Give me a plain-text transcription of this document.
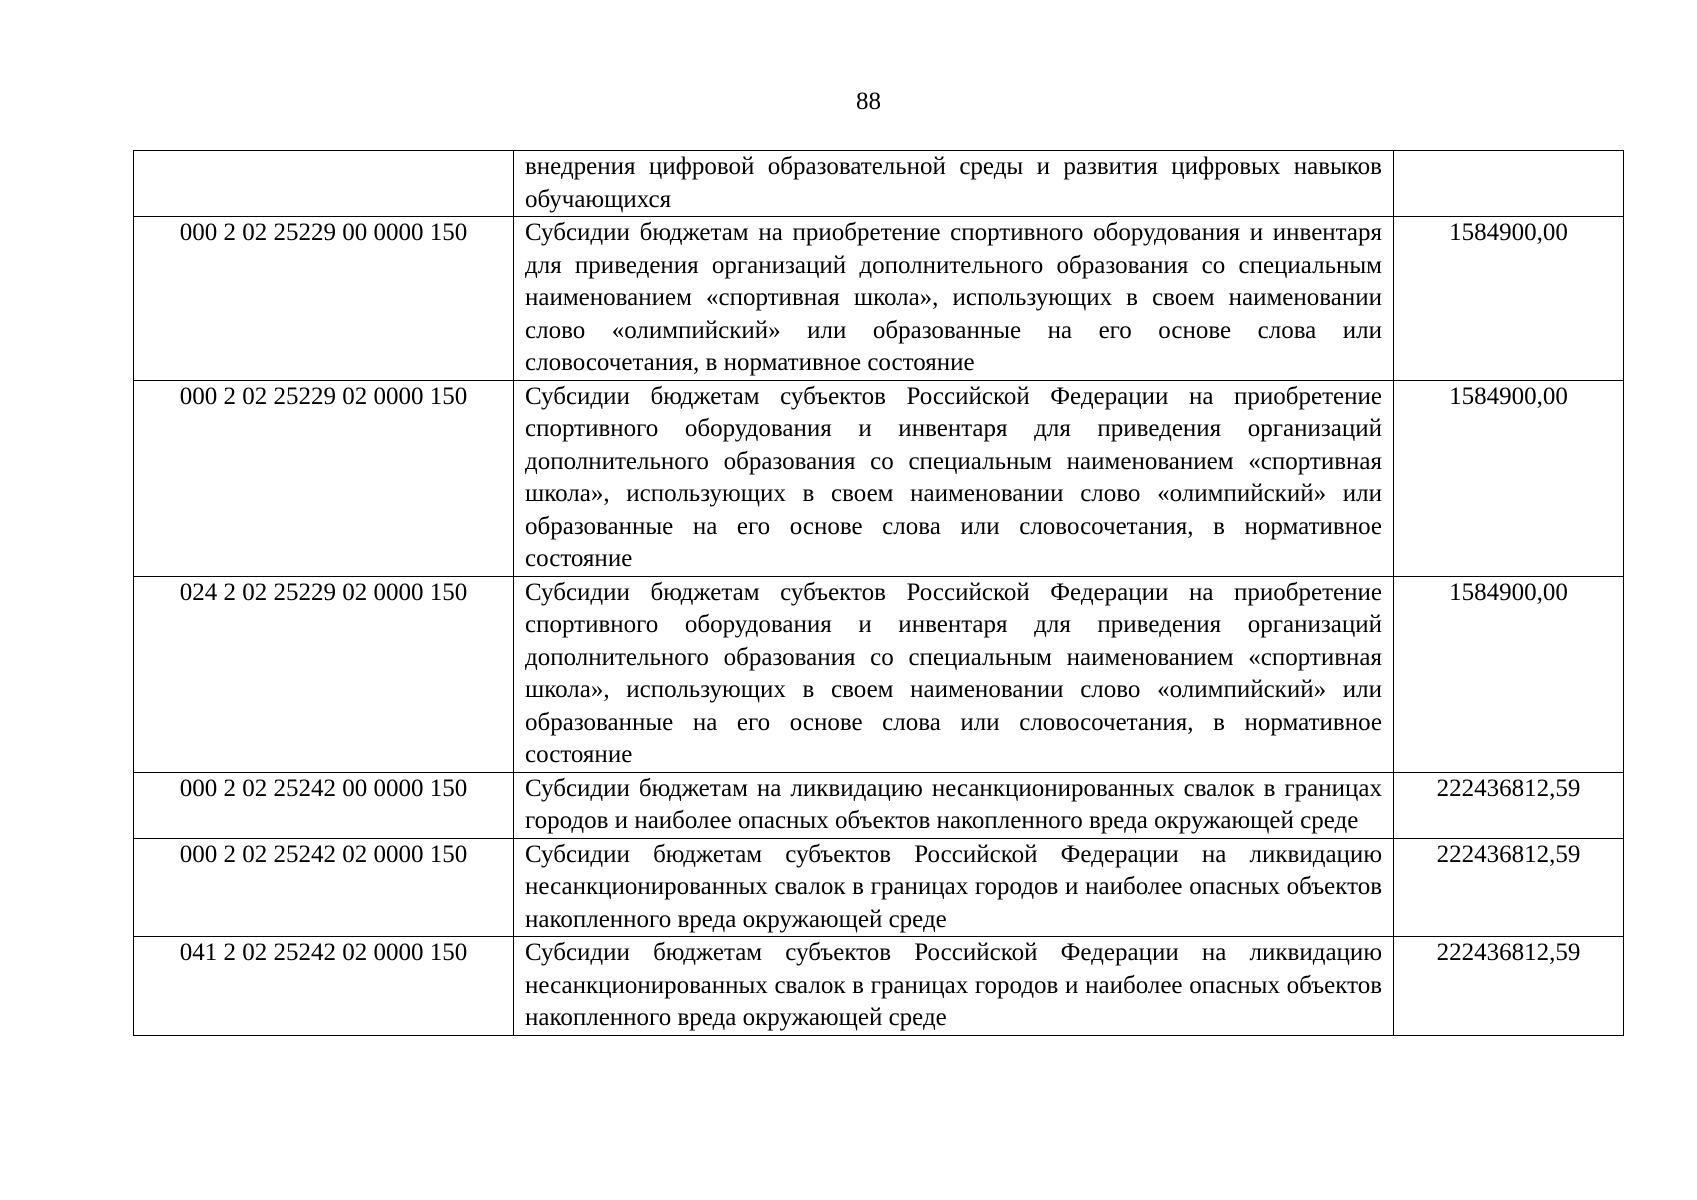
88
	внедрения цифровой образовательной среды и развития цифровых навыков обучающихся	
000 2 02 25229 00 0000 150	Субсидии бюджетам на приобретение спортивного оборудования и инвентаря для приведения организаций дополнительного образования со специальным наименованием «спортивная школа», использующих в своем наименовании слово «олимпийский» или образованные на его основе слова или словосочетания, в нормативное состояние	1584900,00
000 2 02 25229 02 0000 150	Субсидии бюджетам субъектов Российской Федерации на приобретение спортивного оборудования и инвентаря для приведения организаций дополнительного образования со специальным наименованием «спортивная школа», использующих в своем наименовании слово «олимпийский» или образованные на его основе слова или словосочетания, в нормативное состояние	1584900,00
024 2 02 25229 02 0000 150	Субсидии бюджетам субъектов Российской Федерации на приобретение спортивного оборудования и инвентаря для приведения организаций дополнительного образования со специальным наименованием «спортивная школа», использующих в своем наименовании слово «олимпийский» или образованные на его основе слова или словосочетания, в нормативное состояние	1584900,00
000 2 02 25242 00 0000 150	Субсидии бюджетам на ликвидацию несанкционированных свалок в границах городов и наиболее опасных объектов накопленного вреда окружающей среде	222436812,59
000 2 02 25242 02 0000 150	Субсидии бюджетам субъектов Российской Федерации на ликвидацию несанкционированных свалок в границах городов и наиболее опасных объектов накопленного вреда окружающей среде	222436812,59
041 2 02 25242 02 0000 150	Субсидии бюджетам субъектов Российской Федерации на ликвидацию несанкционированных свалок в границах городов и наиболее опасных объектов накопленного вреда окружающей среде	222436812,59
